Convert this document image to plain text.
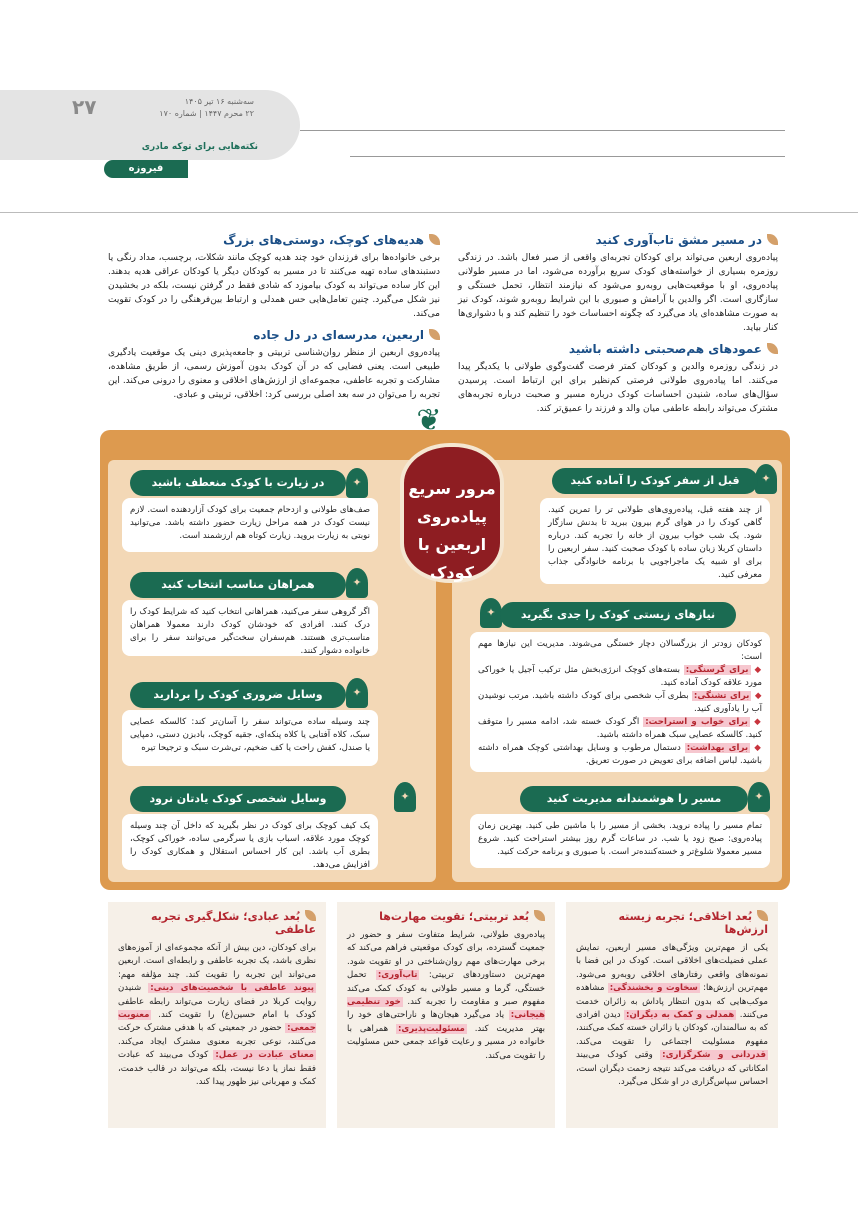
۲۷	سه‌شنبه ۱۶ تیر ۱۴۰۵
۲۲ محرم ۱۴۴۷ | شماره ۱۷۰
نکته‌هایی برای توکه مادری
فیروزه
در مسیر مشق تاب‌آوری کنید
پیاده‌روی اربعین می‌تواند برای کودکان تجربه‌ای واقعی از صبر فعال باشد. در زندگی روزمره بسیاری از خواسته‌های کودک سریع برآورده می‌شود، اما در مسیر طولانی پیاده‌روی، او با موقعیت‌هایی روبه‌رو می‌شود که نیازمند انتظار، تحمل خستگی و سازگاری است. اگر والدین با آرامش و صبوری با این شرایط روبه‌رو شوند، کودک نیز به صورت مشاهده‌ای یاد می‌گیرد که چگونه احساسات خود را تنظیم کند و با دشواری‌ها کنار بیاید.
عمودهای هم‌صحبتی داشته باشید
در زندگی روزمره والدین و کودکان کمتر فرصت گفت‌وگوی طولانی با یکدیگر پیدا می‌کنند. اما پیاده‌روی طولانی فرصتی کم‌نظیر برای این ارتباط است. پرسیدن سؤال‌های ساده، شنیدن احساسات کودک درباره مسیر و صحبت درباره تجربه‌های مشترک می‌تواند رابطه عاطفی میان والد و فرزند را عمیق‌تر کند.
هدیه‌های کوچک، دوستی‌های بزرگ
برخی خانواده‌ها برای فرزندان خود چند هدیه کوچک مانند شکلات، برچسب، مداد رنگی یا دستبندهای ساده تهیه می‌کنند تا در مسیر به کودکان دیگر یا کودکان عراقی هدیه بدهند. این کار ساده می‌تواند به کودک بیاموزد که شادی فقط در گرفتن نیست، بلکه در بخشیدن نیز شکل می‌گیرد. چنین تعامل‌هایی حس همدلی و ارتباط بین‌فرهنگی را در کودک تقویت می‌کند.
اربعین، مدرسه‌ای در دل جاده
پیاده‌روی اربعین از منظر روان‌شناسی تربیتی و جامعه‌پذیری دینی یک موقعیت یادگیری طبیعی است. یعنی فضایی که در آن کودک بدون آموزش رسمی، از طریق مشاهده، مشارکت و تجربه عاطفی، مجموعه‌ای از ارزش‌های اخلاقی و معنوی را درونی می‌کند. این تجربه را می‌توان در سه بعد اصلی بررسی کرد: اخلاقی، تربیتی و عبادی.
❦
مرور سریع پیاده‌روی اربعین با کودک
✦
قبل از سفر کودک را آماده کنید
از چند هفته قبل، پیاده‌روی‌های طولانی تر را تمرین کنید. گاهی کودک را در هوای گرم بیرون ببرید تا بدنش سازگار شود. یک شب خواب بیرون از خانه را تجربه کند. درباره داستان کربلا زبان ساده با کودک صحبت کنید. سفر اربعین را برای او شبیه یک ماجراجویی با برنامه خانوادگی جذاب معرفی کنید.
✦	نیازهای زیستی کودک را جدی بگیرید
کودکان زودتر از بزرگسالان دچار خستگی می‌شوند. مدیریت این نیازها مهم است:
◆ برای گرسنگی: بسته‌های کوچک انرژی‌بخش مثل ترکیب آجیل یا خوراکی مورد علاقه کودک آماده کنید.
◆ برای تشنگی: بطری آب شخصی برای کودک داشته باشید. مرتب نوشیدن آب را یادآوری کنید.
◆ برای خواب و استراحت: اگر کودک خسته شد، ادامه مسیر را متوقف کنید. کالسکه عصایی سبک همراه داشته باشید.
◆ برای بهداشت: دستمال مرطوب و وسایل بهداشتی کوچک همراه داشته باشید. لباس اضافه برای تعویض در صورت تعریق.
✦
مسیر را هوشمندانه مدیریت کنید
تمام مسیر را پیاده نروید. بخشی از مسیر را با ماشین طی کنید. بهترین زمان پیاده‌روی: صبح زود یا شب. در ساعات گرم روز بیشتر استراحت کنید. شروع مسیر معمولا شلوغ‌تر و خسته‌کننده‌تر است. با صبوری و برنامه حرکت کنید.
✦
در زیارت با کودک منعطف باشید
صف‌های طولانی و ازدحام جمعیت برای کودک آزاردهنده است. لازم نیست کودک در همه مراحل زیارت حضور داشته باشد. می‌توانید نوبتی به زیارت بروید. زیارت کوتاه هم ارزشمند است.
✦
همراهان مناسب انتخاب کنید
اگر گروهی سفر می‌کنید، همراهانی انتخاب کنید که شرایط کودک را درک کنند. افرادی که خودشان کودک دارند معمولا همراهان مناسب‌تری هستند. هم‌سفران سخت‌گیر می‌توانند سفر را برای خانواده دشوار کنند.
✦
وسایل ضروری کودک را بردارید
چند وسیله ساده می‌تواند سفر را آسان‌تر کند: کالسکه عصایی سبک، کلاه آفتابی یا کلاه پنکه‌ای، جقیه کوچک، بادبزن دستی، دمپایی یا صندل، کفش راحت یا کف ضخیم، تی‌شرت سبک و ترجیحا تیره
✦
وسایل شخصی کودک یادتان نرود
یک کیف کوچک برای کودک در نظر بگیرید که داخل آن چند وسیله کوچک مورد علاقه، اسباب بازی یا سرگرمی ساده، خوراکی کوچک، بطری آب باشد. این کار احساس استقلال و همکاری کودک را افزایش می‌دهد.
بُعد اخلاقی؛ تجربه زیسته ارزش‌ها
یکی از مهم‌ترین ویژگی‌های مسیر اربعین، نمایش عملی فضیلت‌های اخلاقی است. کودک در این فضا با نمونه‌های واقعی رفتارهای اخلاقی روبه‌رو می‌شود. مهم‌ترین ارزش‌ها: سخاوت و بخشندگی: مشاهده موکب‌هایی که بدون انتظار پاداش به زائران خدمت می‌کنند. همدلی و کمک به دیگران: دیدن افرادی که به سالمندان، کودکان یا زائران خسته کمک می‌کنند، مفهوم مسئولیت اجتماعی را تقویت می‌کند. قدردانی و شکرگزاری: وقتی کودک می‌بیند امکاناتی که دریافت می‌کند نتیجه زحمت دیگران است، احساس سپاس‌گزاری در او شکل می‌گیرد.
بُعد تربیتی؛ تقویت مهارت‌ها
پیاده‌روی طولانی، شرایط متفاوت سفر و حضور در جمعیت گسترده، برای کودک موقعیتی فراهم می‌کند که برخی مهارت‌های مهم روان‌شناختی در او تقویت شود. مهم‌ترین دستاوردهای تربیتی: تاب‌آوری: تحمل خستگی، گرما و مسیر طولانی به کودک کمک می‌کند مفهوم صبر و مقاومت را تجربه کند. خود تنظیمی هیجانی: یاد می‌گیرد هیجان‌ها و ناراحتی‌های خود را بهتر مدیریت کند. مسئولیت‌پذیری: همراهی با خانواده در مسیر و رعایت قواعد جمعی حس مسئولیت را تقویت می‌کند.
بُعد عبادی؛ شکل‌گیری تجربه عاطفی
برای کودکان، دین بیش از آنکه مجموعه‌ای از آموزه‌های نظری باشد، یک تجربه عاطفی و رابطه‌ای است. اربعین می‌تواند این تجربه را تقویت کند. چند مؤلفه مهم: پیوند عاطفی با شخصیت‌های دینی: شنیدن روایت کربلا در فضای زیارت می‌تواند رابطه عاطفی کودک با امام حسین(ع) را تقویت کند. معنویت جمعی: حضور در جمعیتی که با هدفی مشترک حرکت می‌کنند، نوعی تجربه معنوی مشترک ایجاد می‌کند. معنای عبادت در عمل: کودک می‌بیند که عبادت فقط نماز یا دعا نیست، بلکه می‌تواند در قالب خدمت، کمک و مهربانی نیز ظهور پیدا کند.
